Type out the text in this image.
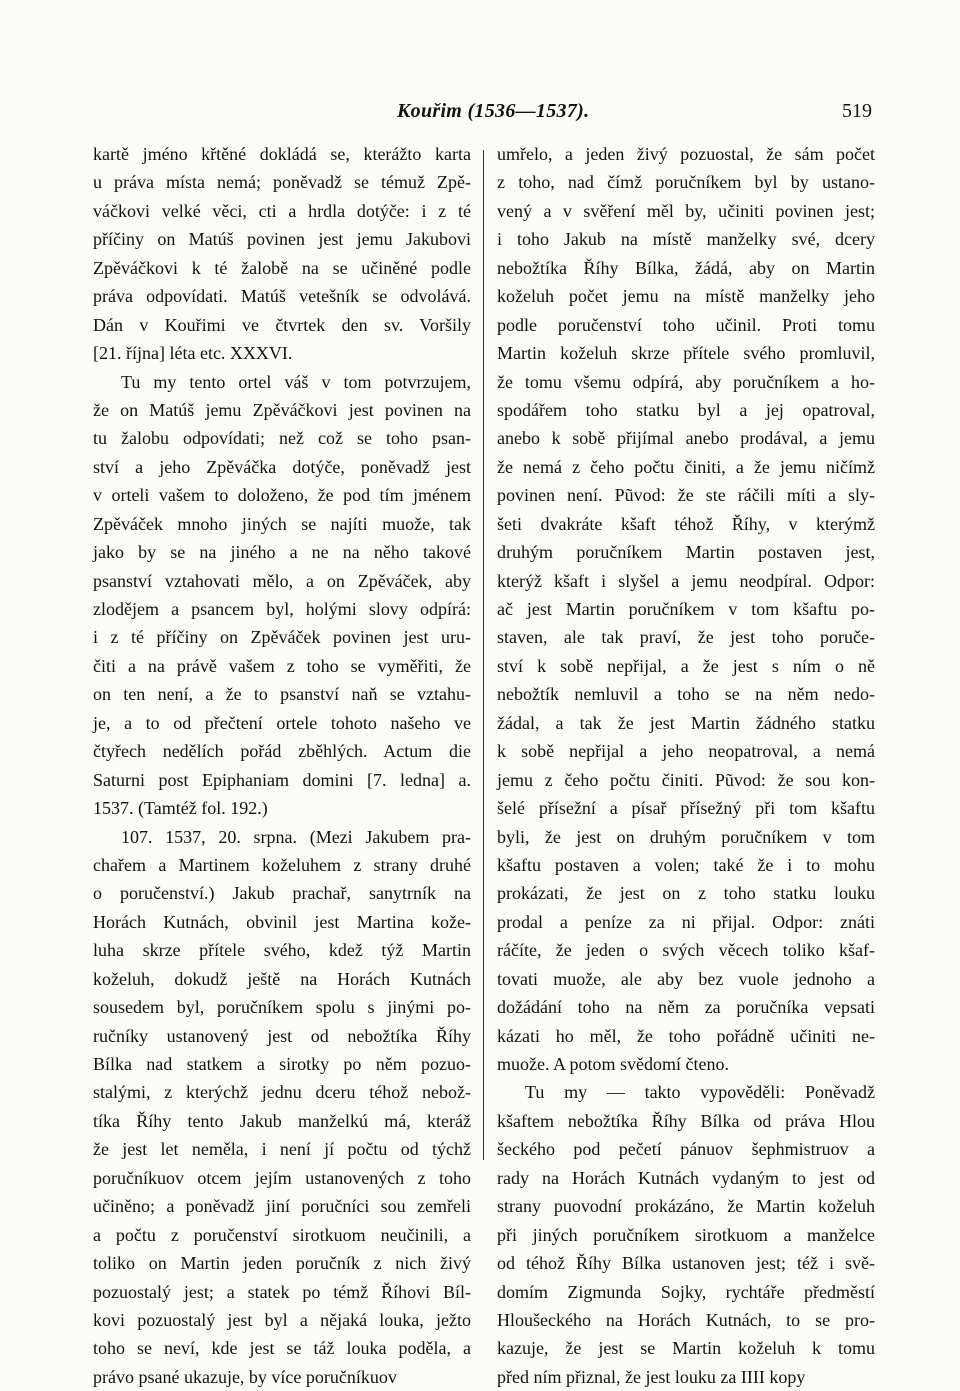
Kouřim (1536—1537).	519
kartě jméno křtěné dokládá se, kterážto karta
u práva místa nemá; poněvadž se témuž Zpě-
váčkovi velké věci, cti a hrdla dotýče: i z té
příčiny on Matúš povinen jest jemu Jakubovi
Zpěváčkovi k té žalobě na se učiněné podle
práva odpovídati. Matúš vetešník se odvolává.
Dán v Kouřimi ve čtvrtek den sv. Voršily
[21. října] léta etc. XXXVI.
Tu my tento ortel váš v tom potvrzujem,
že on Matúš jemu Zpěváčkovi jest povinen na
tu žalobu odpovídati; než což se toho psan-
ství a jeho Zpěváčka dotýče, poněvadž jest
v orteli vašem to doloženo, že pod tím jménem
Zpěváček mnoho jiných se najíti muože, tak
jako by se na jiného a ne na něho takové
psanství vztahovati mělo, a on Zpěváček, aby
zlodějem a psancem byl, holými slovy odpírá:
i z té příčiny on Zpěváček povinen jest uru-
čiti a na právě vašem z toho se vyměřiti, že
on ten není, a že to psanství naň se vztahu-
je, a to od přečtení ortele tohoto našeho ve
čtyřech nedělích pořád zběhlých. Actum die
Saturni post Epiphaniam domini [7. ledna] a.
1537. (Tamtéž fol. 192.)
107. 1537, 20. srpna. (Mezi Jakubem pra-
chařem a Martinem koželuhem z strany druhé
o poručenství.) Jakub prachař, sanytrník na
Horách Kutnách, obvinil jest Martina kože-
luha skrze přítele svého, kdež týž Martin
koželuh, dokudž ještě na Horách Kutnách
sousedem byl, poručníkem spolu s jinými po-
ručníky ustanovený jest od nebožtíka Říhy
Bílka nad statkem a sirotky po něm pozuo-
stalými, z kterýchž jednu dceru téhož nebož-
tíka Říhy tento Jakub manželkú má, kteráž
že jest let neměla, i není jí počtu od týchž
poručníkuov otcem jejím ustanovených z toho
učiněno; a poněvadž jiní poručníci sou zemřeli
a počtu z poručenství sirotkuom neučinili, a
toliko on Martin jeden poručník z nich živý
pozuostalý jest; a statek po témž Říhovi Bíl-
kovi pozuostalý jest byl a nějaká louka, ježto
toho se neví, kde jest se táž louka poděla, a
právo psané ukazuje, by více poručníkuov
umřelo, a jeden živý pozuostal, že sám počet
z toho, nad čímž poručníkem byl by ustano-
vený a v svěření měl by, učiniti povinen jest;
i toho Jakub na místě manželky své, dcery
nebožtíka Říhy Bílka, žádá, aby on Martin
koželuh počet jemu na místě manželky jeho
podle poručenství toho učinil. Proti tomu
Martin koželuh skrze přítele svého promluvil,
že tomu všemu odpírá, aby poručníkem a ho-
spodářem toho statku byl a jej opatroval,
anebo k sobě přijímal anebo prodával, a jemu
že nemá z čeho počtu činiti, a že jemu ničímž
povinen není. Pũvod: že ste ráčili míti a sly-
šeti dvakráte kšaft téhož Říhy, v kterýmž
druhým poručníkem Martin postaven jest,
kterýž kšaft i slyšel a jemu neodpíral. Odpor:
ač jest Martin poručníkem v tom kšaftu po-
staven, ale tak praví, že jest toho poruče-
ství k sobě nepřijal, a že jest s ním o ně
nebožtík nemluvil a toho se na něm nedo-
žádal, a tak že jest Martin žádného statku
k sobě nepřijal a jeho neopatroval, a nemá
jemu z čeho počtu činiti. Pũvod: že sou kon-
šelé přísežní a písař přísežný při tom kšaftu
byli, že jest on druhým poručníkem v tom
kšaftu postaven a volen; také že i to mohu
prokázati, že jest on z toho statku louku
prodal a peníze za ni přijal. Odpor: znáti
ráčíte, že jeden o svých věcech toliko kšaf-
tovati muože, ale aby bez vuole jednoho a
dožádání toho na něm za poručníka vepsati
kázati ho měl, že toho pořádně učiniti ne-
muože. A potom svědomí čteno.
Tu my — takto vypověděli: Poněvadž
kšaftem nebožtíka Říhy Bílka od práva Hlou
šeckého pod pečetí pánuov šephmistruov a
rady na Horách Kutnách vydaným to jest od
strany puovodní prokázáno, že Martin koželuh
při jiných poručníkem sirotkuom a manželce
od téhož Říhy Bílka ustanoven jest; též i svě-
domím Zigmunda Sojky, rychtáře předměstí
Hloušeckého na Horách Kutnách, to se pro-
kazuje, že jest se Martin koželuh k tomu
před ním přiznal, že jest louku za IIII kopy
